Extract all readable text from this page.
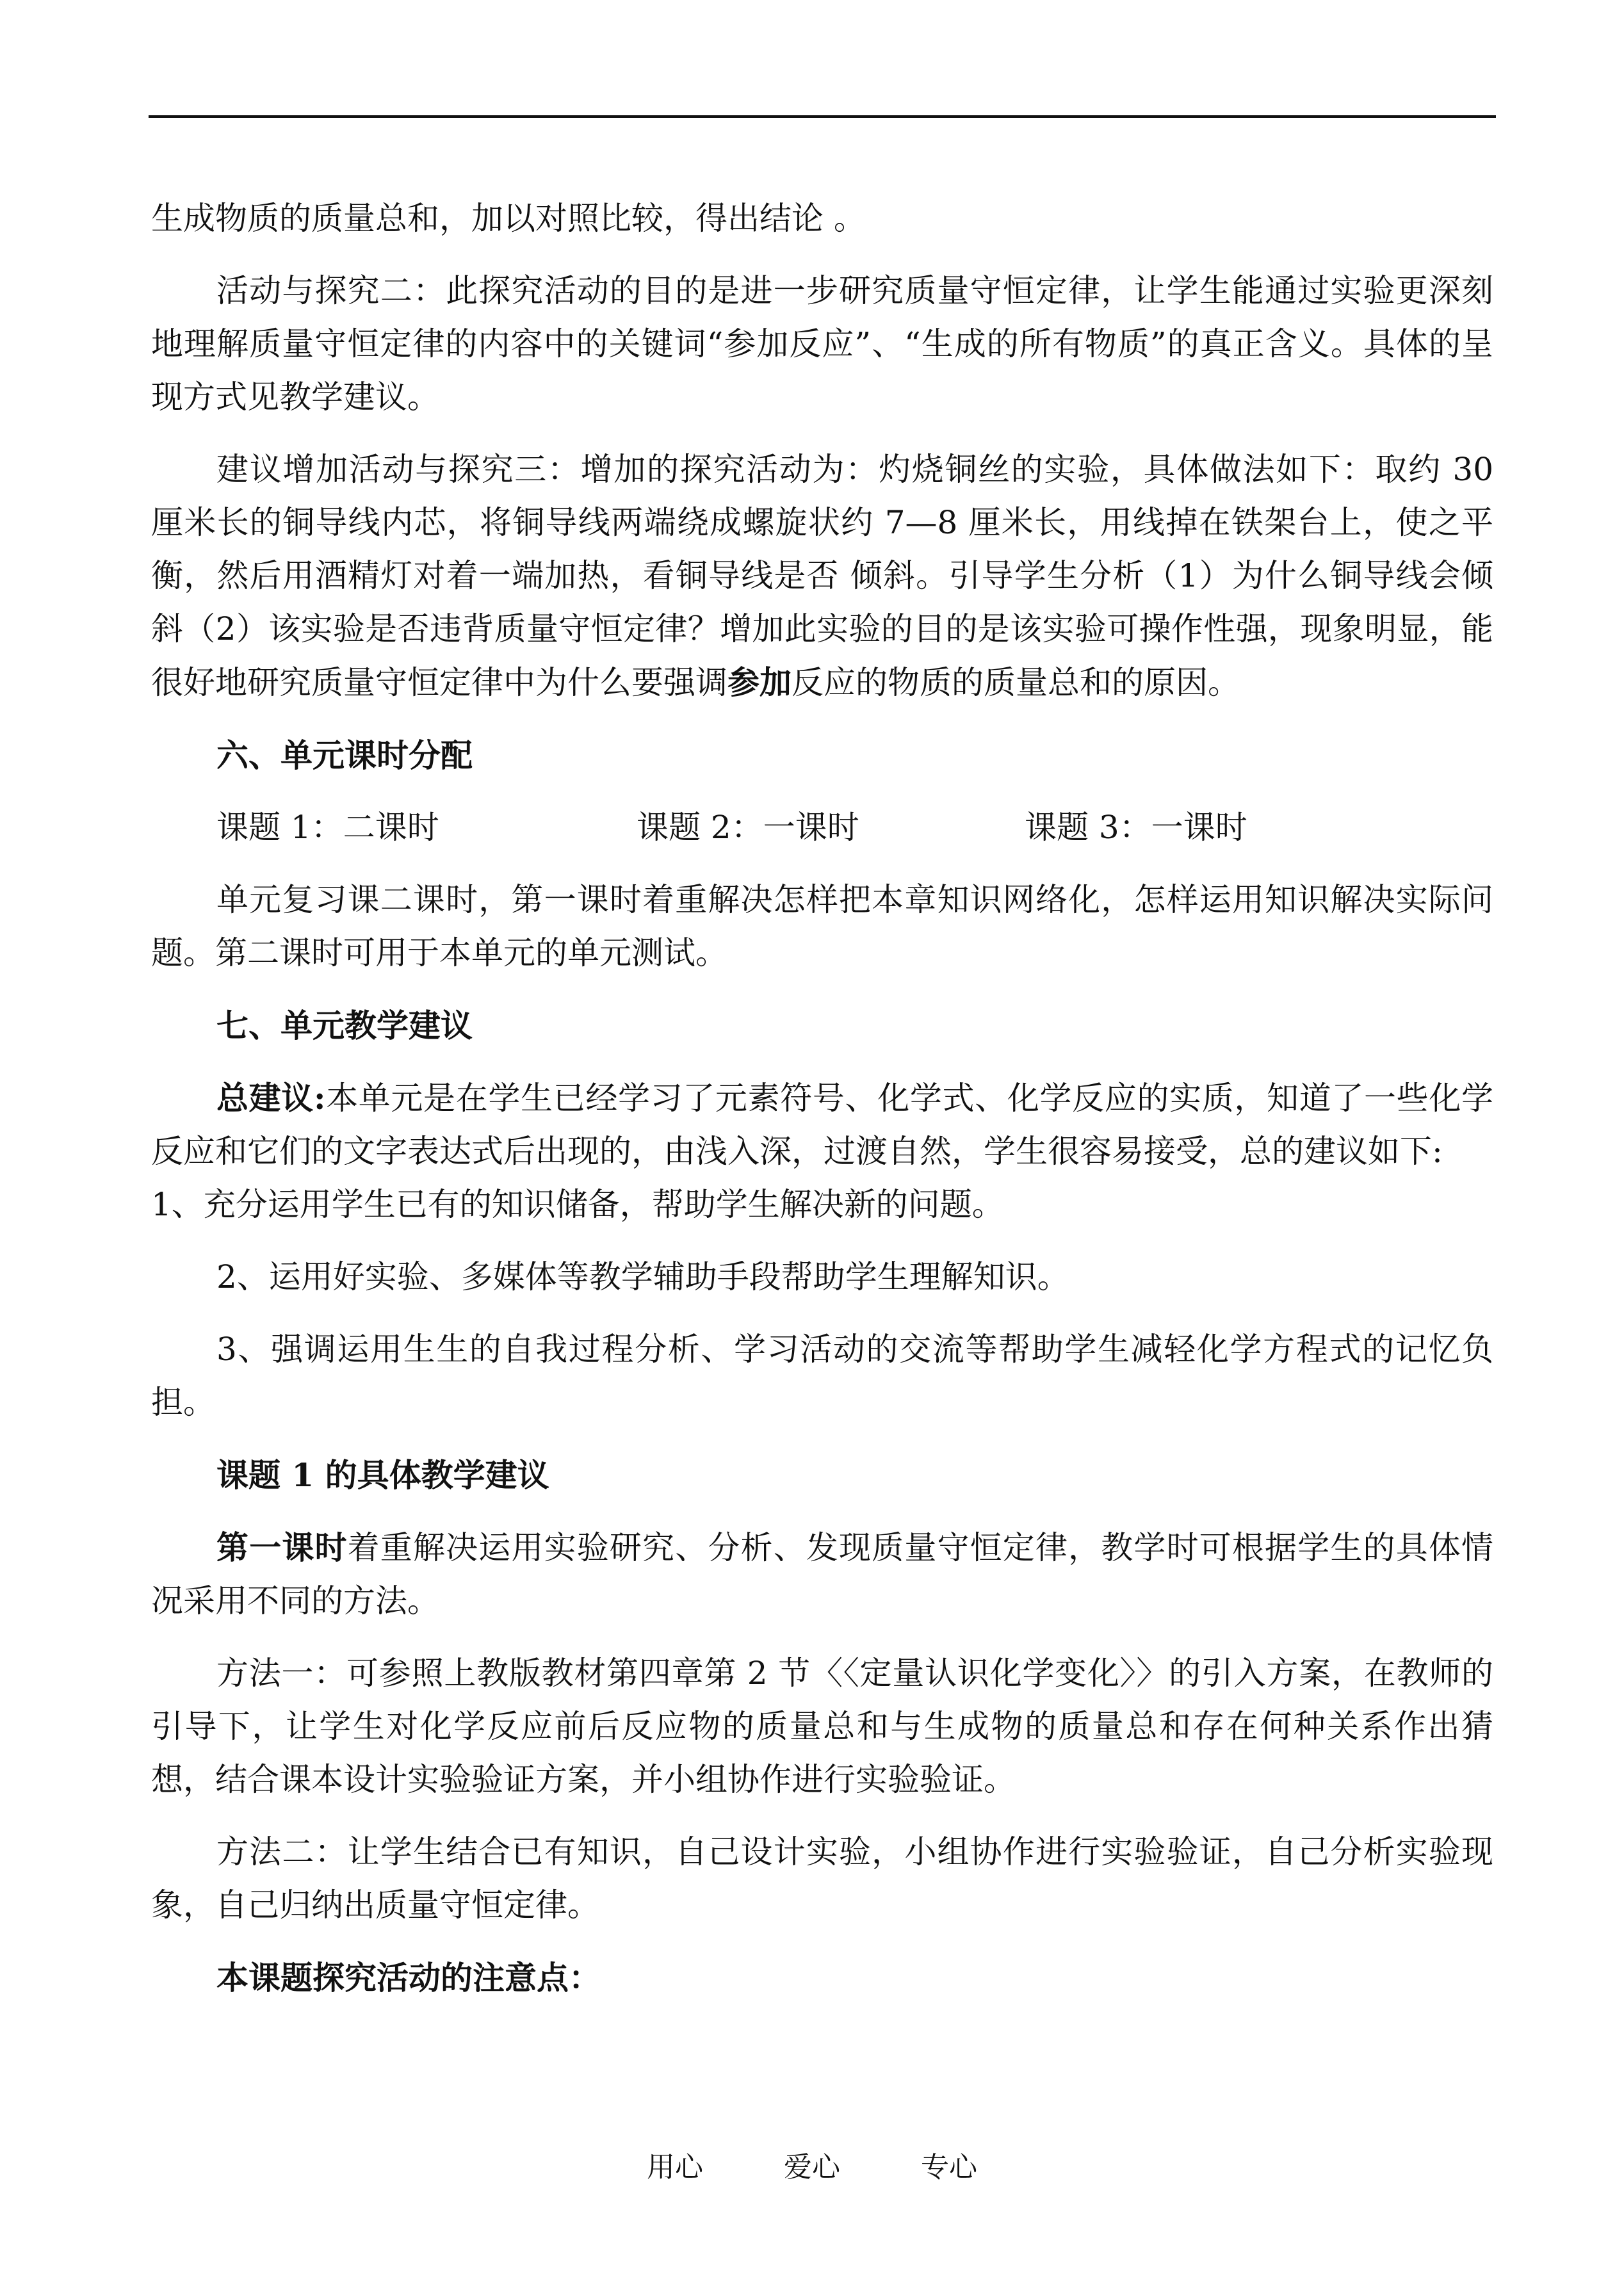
生成物质的质量总和，加以对照比较，得出结论 。

活动与探究二：此探究活动的目的是进一步研究质量守恒定律，让学生能通过实验更深刻地理解质量守恒定律的内容中的关键词“参加反应”、“生成的所有物质”的真正含义。具体的呈现方式见教学建议。

建议增加活动与探究三：增加的探究活动为：灼烧铜丝的实验，具体做法如下：取约 30 厘米长的铜导线内芯，将铜导线两端绕成螺旋状约 7—8 厘米长，用线掉在铁架台上，使之平衡，然后用酒精灯对着一端加热，看铜导线是否 倾斜。引导学生分析（1）为什么铜导线会倾斜（2）该实验是否违背质量守恒定律？增加此实验的目的是该实验可操作性强，现象明显，能很好地研究质量守恒定律中为什么要强调参加反应的物质的质量总和的原因。

六、单元课时分配

课题 1：二课时	课题 2：一课时	课题 3：一课时

单元复习课二课时，第一课时着重解决怎样把本章知识网络化，怎样运用知识解决实际问题。第二课时可用于本单元的单元测试。

七、单元教学建议

总建议:本单元是在学生已经学习了元素符号、化学式、化学反应的实质，知道了一些化学反应和它们的文字表达式后出现的，由浅入深，过渡自然，学生很容易接受，总的建议如下:

1、充分运用学生已有的知识储备，帮助学生解决新的问题。

2、运用好实验、多媒体等教学辅助手段帮助学生理解知识。

3、强调运用生生的自我过程分析、学习活动的交流等帮助学生减轻化学方程式的记忆负担。

课题 1 的具体教学建议

第一课时着重解决运用实验研究、分析、发现质量守恒定律，教学时可根据学生的具体情况采用不同的方法。

方法一：可参照上教版教材第四章第 2 节〈〈定量认识化学变化〉〉的引入方案，在教师的引导下，让学生对化学反应前后反应物的质量总和与生成物的质量总和存在何种关系作出猜想，结合课本设计实验验证方案，并小组协作进行实验验证。

方法二：让学生结合已有知识，自己设计实验，小组协作进行实验验证，自己分析实验现象，自己归纳出质量守恒定律。

本课题探究活动的注意点：

用心	爱心	专心
